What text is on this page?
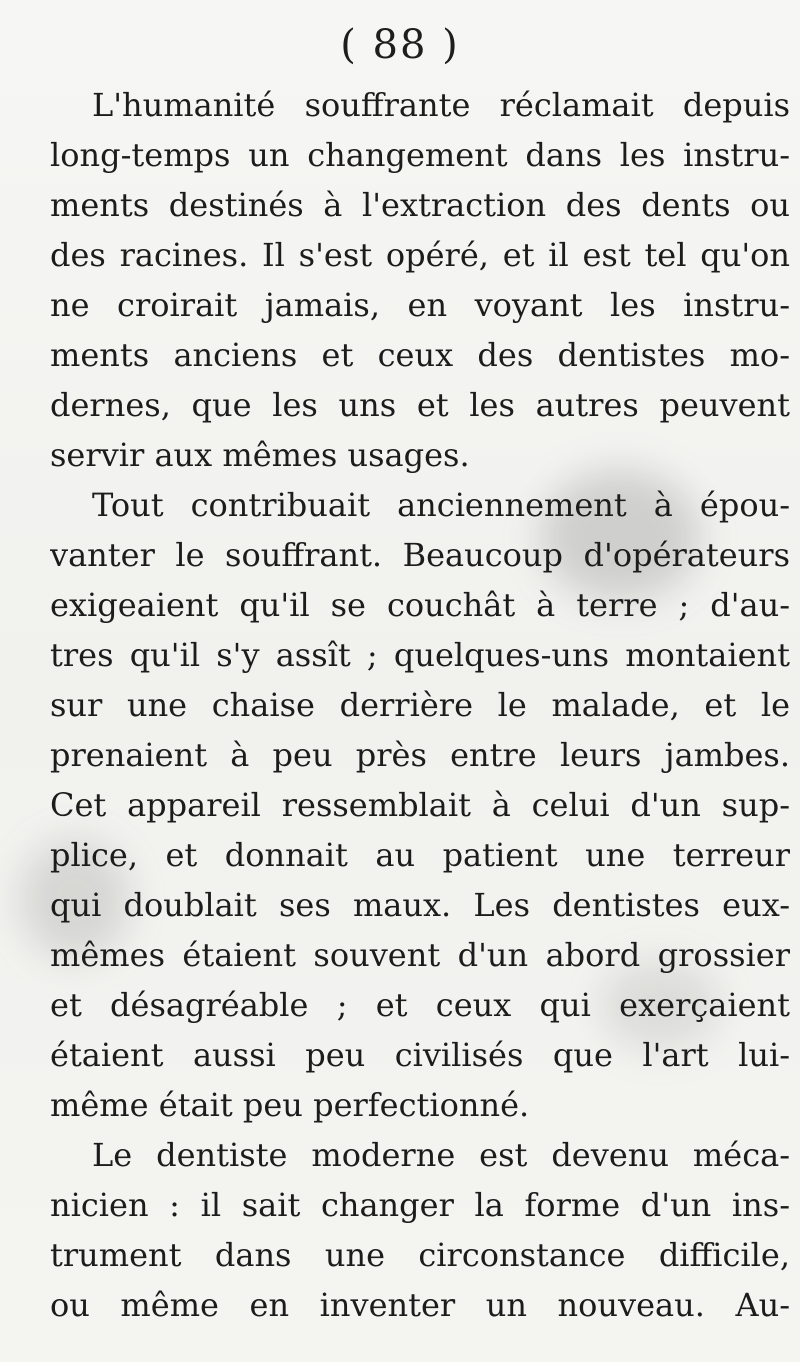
( 88 )

L'humanité souffrante réclamait depuis
long-temps un changement dans les instru-
ments destinés à l'extraction des dents ou
des racines. Il s'est opéré, et il est tel qu'on
ne croirait jamais, en voyant les instru-
ments anciens et ceux des dentistes mo-
dernes, que les uns et les autres peuvent
servir aux mêmes usages.
Tout contribuait anciennement à épou-
vanter le souffrant. Beaucoup d'opérateurs
exigeaient qu'il se couchât à terre ; d'au-
tres qu'il s'y assît ; quelques-uns montaient
sur une chaise derrière le malade, et le
prenaient à peu près entre leurs jambes.
Cet appareil ressemblait à celui d'un sup-
plice, et donnait au patient une terreur
qui doublait ses maux. Les dentistes eux-
mêmes étaient souvent d'un abord grossier
et désagréable ; et ceux qui exerçaient
étaient aussi peu civilisés que l'art lui-
même était peu perfectionné.
Le dentiste moderne est devenu méca-
nicien : il sait changer la forme d'un ins-
trument dans une circonstance difficile,
ou même en inventer un nouveau. Au-
